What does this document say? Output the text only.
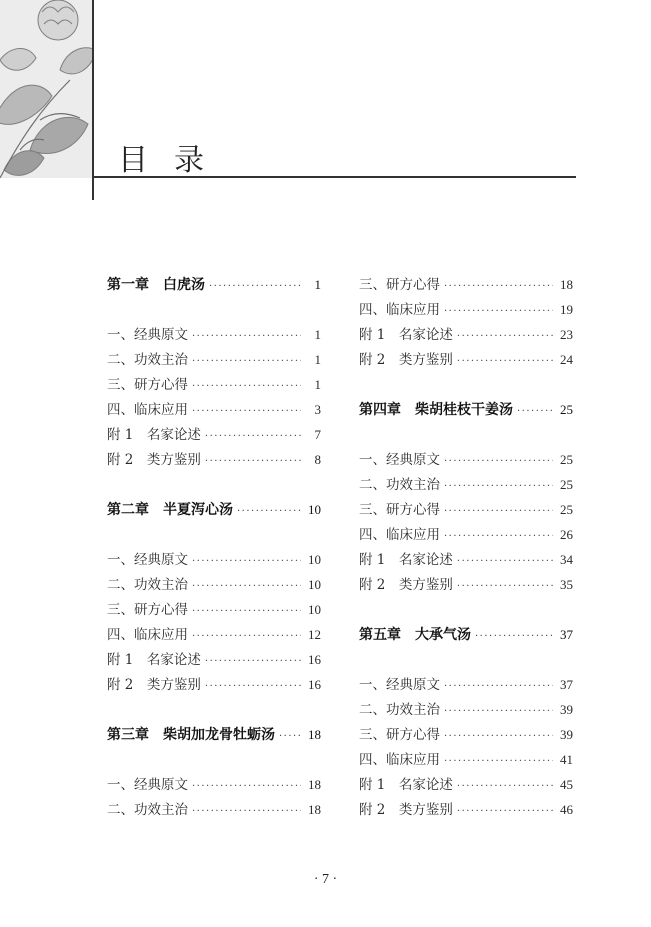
目录
第一章　白虎汤 ·····	1
一、经典原文 ·····	1
二、功效主治 ·····	1
三、研方心得 ·····	1
四、临床应用 ·····	3
附 1　名家论述 ·····	7
附 2　类方鉴别 ·····	8
第二章　半夏泻心汤 ·····	10
一、经典原文 ·····	10
二、功效主治 ·····	10
三、研方心得 ·····	10
四、临床应用 ·····	12
附 1　名家论述 ·····	16
附 2　类方鉴别 ·····	16
第三章　柴胡加龙骨牡蛎汤 ·····	18
一、经典原文 ·····	18
二、功效主治 ·····	18
三、研方心得 ·····	18
四、临床应用 ·····	19
附 1　名家论述 ·····	23
附 2　类方鉴别 ·····	24
第四章　柴胡桂枝干姜汤 ·····	25
一、经典原文 ·····	25
二、功效主治 ·····	25
三、研方心得 ·····	25
四、临床应用 ·····	26
附 1　名家论述 ·····	34
附 2　类方鉴别 ·····	35
第五章　大承气汤 ·····	37
一、经典原文 ·····	37
二、功效主治 ·····	39
三、研方心得 ·····	39
四、临床应用 ·····	41
附 1　名家论述 ·····	45
附 2　类方鉴别 ·····	46
· 7 ·
